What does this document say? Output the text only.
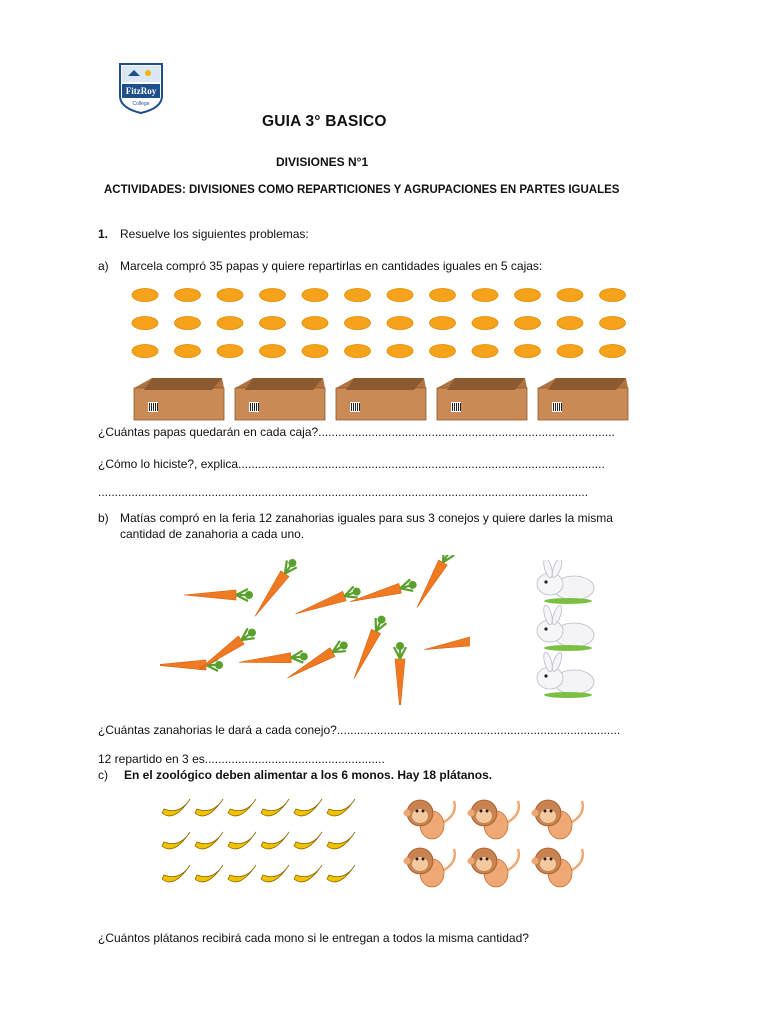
FitzRoy
College
GUIA 3° BASICO
DIVISIONES N°1
ACTIVIDADES: DIVISIONES COMO REPARTICIONES Y AGRUPACIONES EN PARTES IGUALES
1. Resuelve los siguientes problemas:
a) Marcela compró 35 papas y quiere repartirlas en cantidades iguales en 5 cajas:
¿Cuántas papas quedarán en cada caja?.........................................................................................
¿Cómo lo hiciste?, explica..............................................................................................................
...................................................................................................................................................
b) Matías compró en la feria 12 zanahorias iguales para sus 3 conejos y quiere darles la misma
cantidad de zanahoria a cada uno.
¿Cuántas zanahorias le dará a cada conejo?.....................................................................................
12 repartido en 3 es......................................................
c) En el zoológico deben alimentar a los 6 monos. Hay 18 plátanos.
¿Cuántos plátanos recibirá cada mono si le entregan a todos la misma cantidad?
